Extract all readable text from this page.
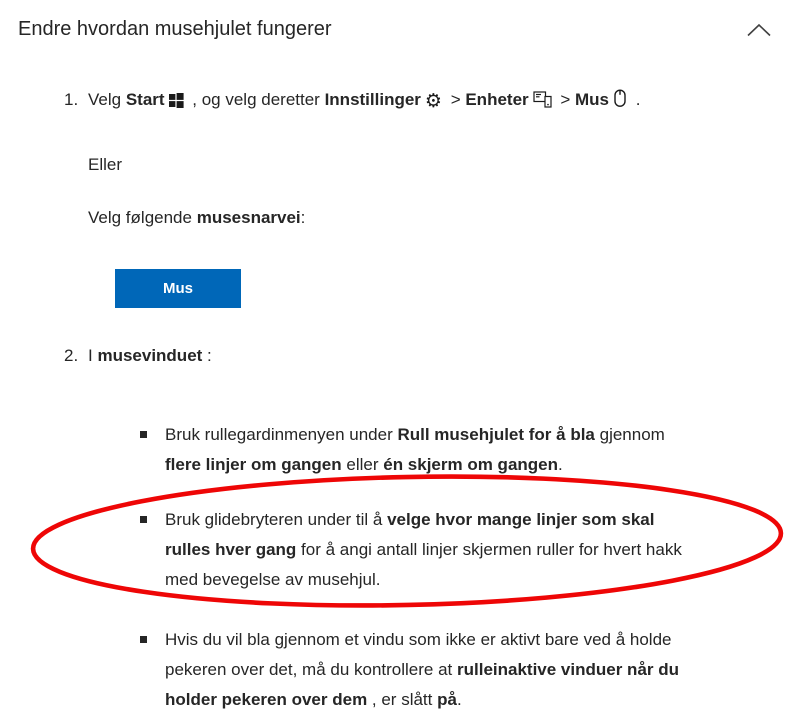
Endre hvordan musehjulet fungerer
1. Velg Start , og velg deretter Innstillinger ⚙ > Enheter > Mus .

Eller

Velg følgende musesnarvei:

Mus
2. I musevinduet :

Bruk rullegardinmenyen under Rull musehjulet for å bla gjennom
flere linjer om gangen eller én skjerm om gangen.
Bruk glidebryteren under til å velge hvor mange linjer som skal
rulles hver gang for å angi antall linjer skjermen ruller for hvert hakk
med bevegelse av musehjul.
Hvis du vil bla gjennom et vindu som ikke er aktivt bare ved å holde
pekeren over det, må du kontrollere at rulleinaktive vinduer når du
holder pekeren over dem , er slått på.
